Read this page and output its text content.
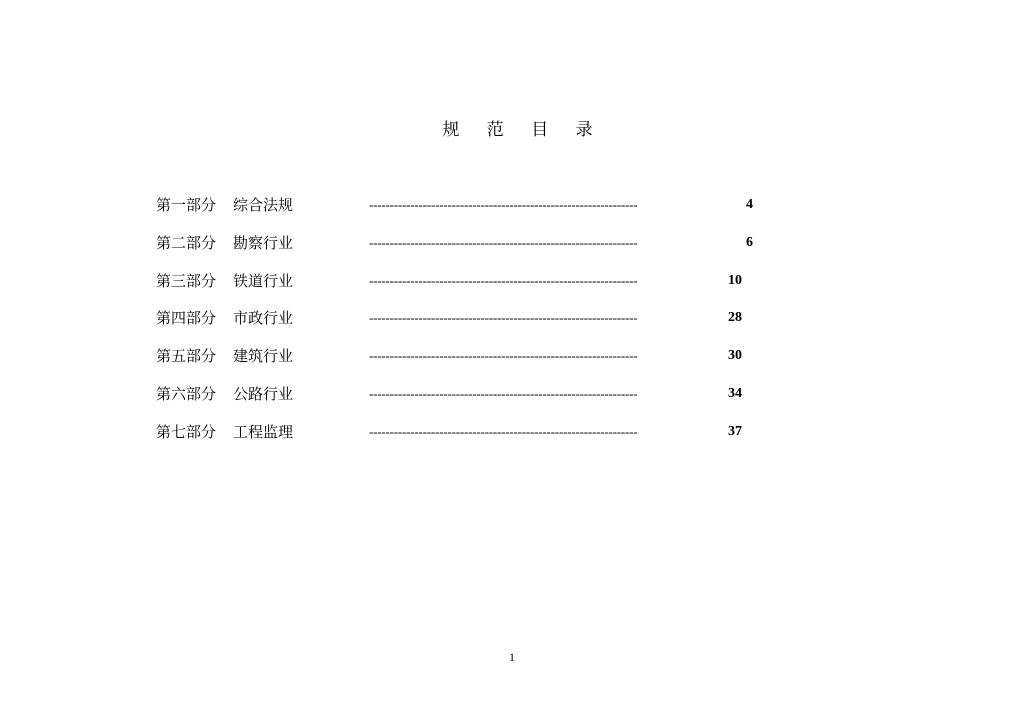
规 范 目 录
第一部分 综合法规	-----------------------------------------------------------------	4
第二部分 勘察行业	-----------------------------------------------------------------	6
第三部分 铁道行业	-----------------------------------------------------------------	10
第四部分 市政行业	-----------------------------------------------------------------	28
第五部分 建筑行业	-----------------------------------------------------------------	30
第六部分 公路行业	-----------------------------------------------------------------	34
第七部分 工程监理	-----------------------------------------------------------------	37
1
